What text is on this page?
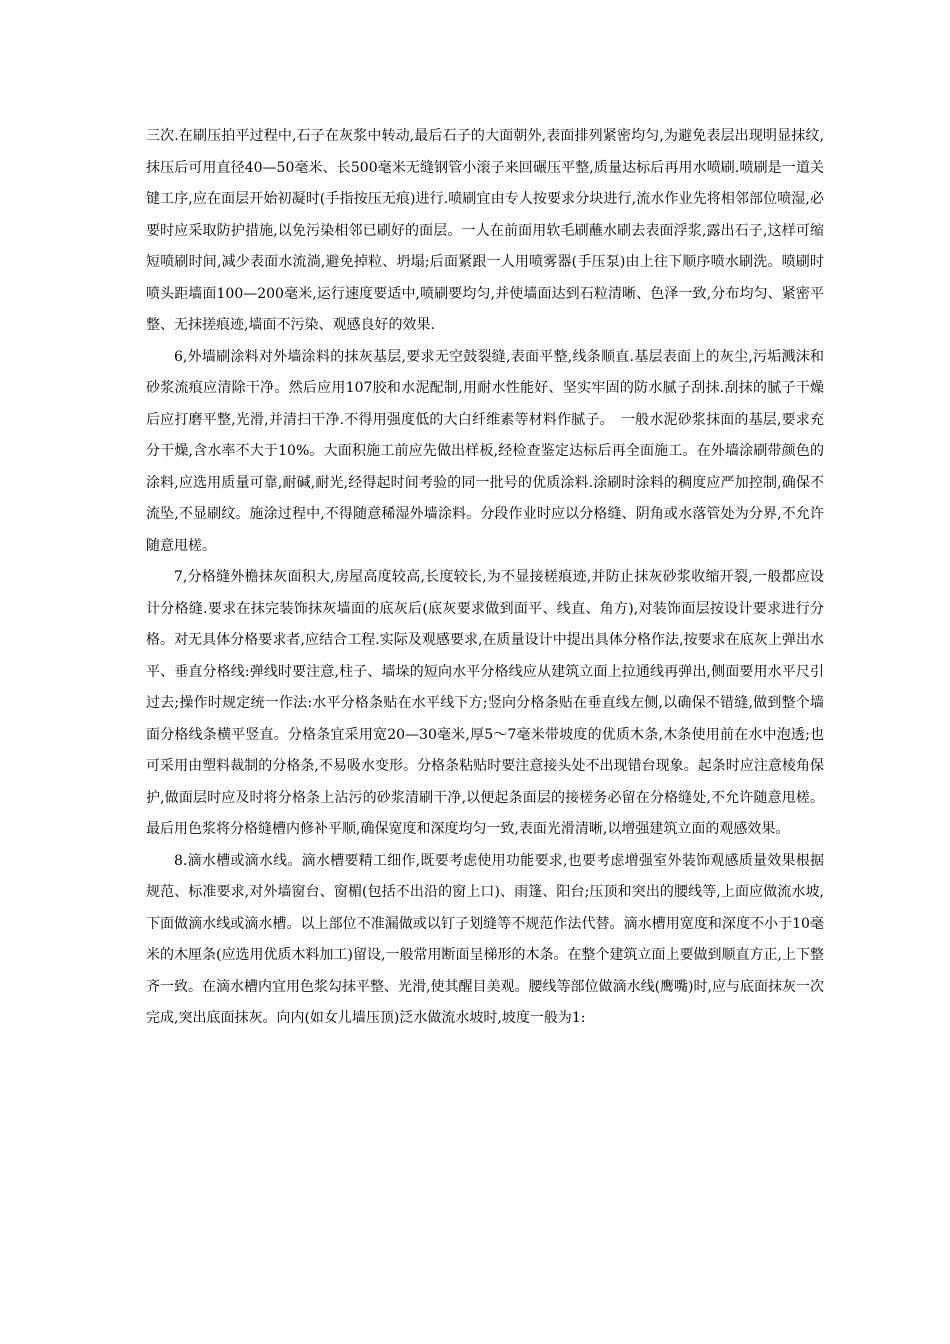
三次.在刷压拍平过程中,石子在灰浆中转动,最后石子的大面朝外,表面排列紧密均匀,为避免表层出现明显抹纹,抹压后可用直径40—50毫米、长500毫米无缝钢管小滚子来回碾压平整,质量达标后再用水喷刷.喷刷是一道关键工序,应在面层开始初凝时(手指按压无痕)进行.喷刷宜由专人按要求分块进行,流水作业先将相邻部位喷湿,必要时应采取防护措施,以免污染相邻已刷好的面层。一人在前面用软毛刷蘸水刷去表面浮浆,露出石子,这样可缩短喷刷时间,减少表面水流淌,避免掉粒、坍塌;后面紧跟一人用喷雾器(手压泵)由上往下顺序喷水刷洗。喷刷时喷头距墙面100—200毫米,运行速度要适中,喷刷要均匀,并使墙面达到石粒清晰、色泽一致,分布均匀、紧密平整、无抹搓痕迹,墙面不污染、观感良好的效果.

6,外墙刷涂料对外墙涂料的抹灰基层,要求无空鼓裂缝,表面平整,线条顺直.基层表面上的灰尘,污垢溅沫和砂浆流痕应清除干净。然后应用107胶和水泥配制,用耐水性能好、坚实牢固的防水腻子刮抹.刮抹的腻子干燥后应打磨平整,光滑,并清扫干净.不得用强度低的大白纤维素等材料作腻子。　一般水泥砂浆抹面的基层,要求充分干燥,含水率不大于10%。大面积施工前应先做出样板,经检查鉴定达标后再全面施工。在外墙涂刷带颜色的涂料,应选用质量可靠,耐碱,耐光,经得起时间考验的同一批号的优质涂料.涂刷时涂料的稠度应严加控制,确保不流坠,不显刷纹。施涂过程中,不得随意稀湿外墙涂料。分段作业时应以分格缝、阴角或水落管处为分界,不允许随意甩槎。

7,分格缝外檐抹灰面积大,房屋高度较高,长度较长,为不显接槎痕迹,并防止抹灰砂浆收缩开裂,一般都应设计分格缝.要求在抹完装饰抹灰墙面的底灰后(底灰要求做到面平、线直、角方),对装饰面层按设计要求进行分格。对无具体分格要求者,应结合工程.实际及观感要求,在质量设计中提出具体分格作法,按要求在底灰上弹出水平、垂直分格线:弹线时要注意,柱子、墙垛的短向水平分格线应从建筑立面上拉通线再弹出,侧面要用水平尺引过去;操作时规定统一作法:水平分格条贴在水平线下方;竖向分格条贴在垂直线左侧,以确保不错缝,做到整个墙面分格线条横平竖直。分格条宜采用宽20—30毫米,厚5～7毫米带坡度的优质木条,木条使用前在水中泡透;也可采用由塑料裁制的分格条,不易吸水变形。分格条粘贴时要注意接头处不出现错台现象。起条时应注意棱角保护,做面层时应及时将分格条上沾污的砂浆清刷干净,以便起条面层的接槎务必留在分格缝处,不允许随意甩槎。最后用色浆将分格缝槽内修补平顺,确保宽度和深度均匀一致,表面光滑清晰,以增强建筑立面的观感效果。

8.滴水槽或滴水线。滴水槽要精工细作,既要考虑使用功能要求,也要考虑增强室外装饰观感质量效果根据规范、标准要求,对外墙窗台、窗楣(包括不出沿的窗上口)、雨篷、阳台;压顶和突出的腰线等,上面应做流水坡,下面做滴水线或滴水槽。以上部位不准漏做或以钉子划缝等不规范作法代替。滴水槽用宽度和深度不小于10毫米的木厘条(应选用优质木料加工)留设,一般常用断面呈梯形的木条。在整个建筑立面上要做到顺直方正,上下整齐一致。在滴水槽内宜用色浆勾抹平整、光滑,使其醒目美观。腰线等部位做滴水线(鹰嘴)时,应与底面抹灰一次完成,突出底面抹灰。向内(如女儿墙压顶)泛水做流水坡时,坡度一般为1:
